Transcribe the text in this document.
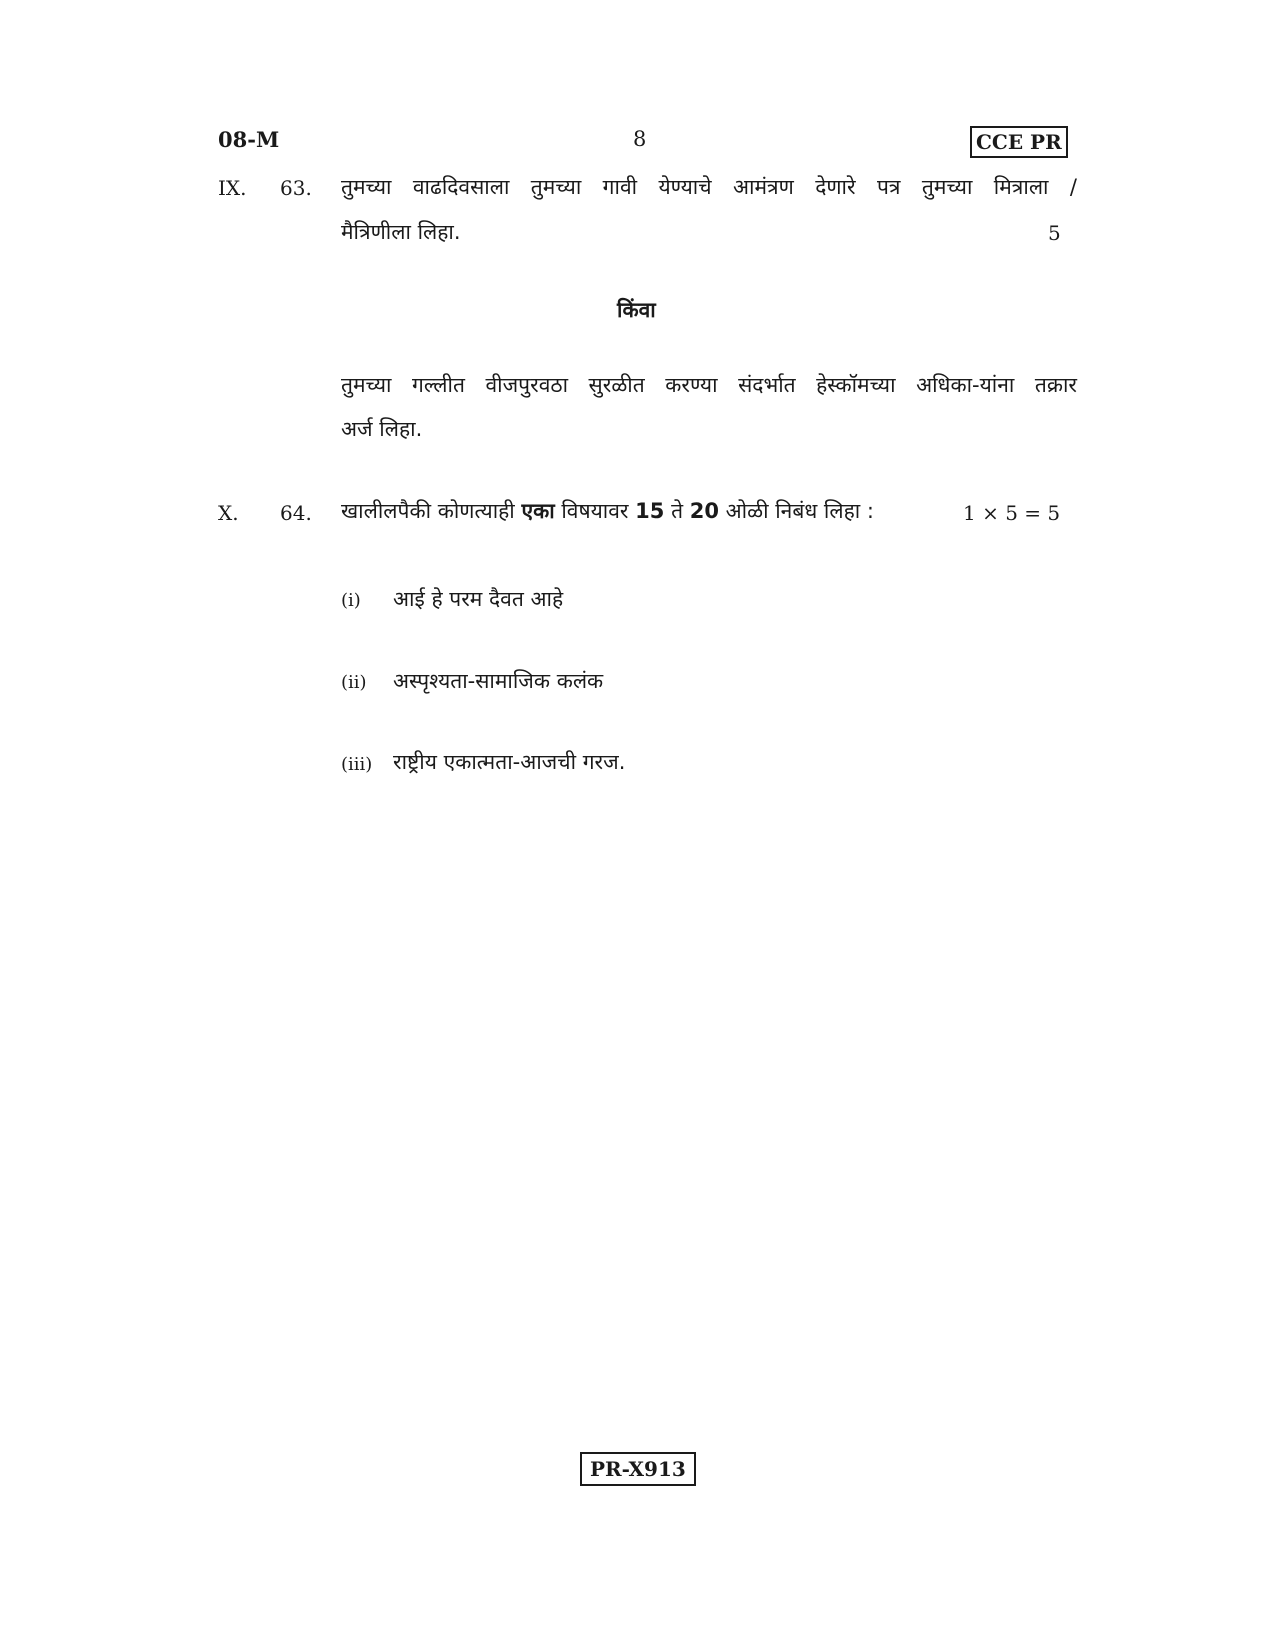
08-M	8	CCE PR
IX. 63. तुमच्या वाढदिवसाला तुमच्या गावी येण्याचे आमंत्रण देणारे पत्र तुमच्या मित्राला /
मैत्रिणीला लिहा.	5
किंवा
तुमच्या गल्लीत वीजपुरवठा सुरळीत करण्या संदर्भात हेस्कॉमच्या अधिका-यांना तक्रार
अर्ज लिहा.
X. 64. खालीलपैकी कोणत्याही एका विषयावर 15 ते 20 ओळी निबंध लिहा :	1 × 5 = 5
(i) आई हे परम दैवत आहे
(ii) अस्पृश्यता-सामाजिक कलंक
(iii) राष्ट्रीय एकात्मता-आजची गरज.
PR-X913
